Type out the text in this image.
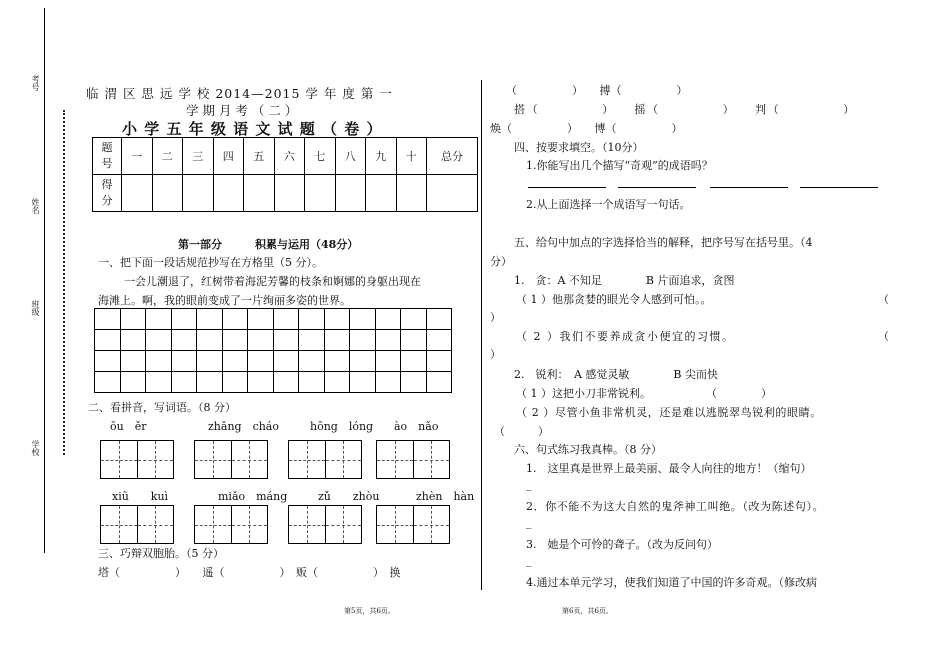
考号
姓名
班级
学校
临 渭 区 思 远 学 校 2014—2015 学 年 度 第 一
学 期 月 考 （ 二 ）
小 学 五 年 级 语 文 试 题 （ 卷 ）
题
号	一	二	三	四	五	六	七	八	九	十	总分
得
分											
第一部分　　　积累与运用（48分）
一、把下面一段话规范抄写在方格里（5 分）。
一会儿潮退了，红树带着海泥芳馨的枝条和婀娜的身躯出现在
海滩上。啊，我的眼前变成了一片绚丽多姿的世界。
二、看拼音，写词语。（8 分）
ōu　ěr	zhǎng　cháo	hōng　lóng ào　nǎo
xiū　　kuì	miǎo　máng	zǔ　　zhòu	zhèn　hàn
三、巧辩双胞胎。（5 分）
塔（　　　　　）　　遥（　　　　　）　贩（　　　　　）　换
第5页，共6页。
（　　　　　）　　搏（　　　　　）
搭（　　　　　）　　摇（　　　　　）　　判（　　　　　）
焕（　　　　　）　　博（　　　　　）
四、按要求填空。（10分）
1.你能写出几个描写“奇观”的成语吗？
2.从上面选择一个成语写一句话。
五、给句中加点的字选择恰当的解释，把序号写在括号里。（4
分）
1.　贪：A 不知足　　　　B 片面追求，贪图
（ 1 ）他那贪婪的眼光令人感到可怕。。	（
）
（ 2 ）我们不要养成贪小便宜的习惯。	（
）
2.　锐利：　A 感觉灵敏　　　　B 尖而快
（ 1 ）这把小刀非常锐利。　　　　　　（　　　　）
（ 2 ）尽管小鱼非常机灵，还是难以逃脱翠鸟锐利的眼睛。
（　　　）
六、句式练习我真棒。（8 分）
1.　这里真是世界上最美丽、最令人向往的地方！（缩句）
_
2．你不能不为这大自然的鬼斧神工叫绝。（改为陈述句）。
_
3.　她是个可怜的聋子。（改为反问句）
_
4.通过本单元学习，使我们知道了中国的许多奇观。（修改病
第6页，共6页。
